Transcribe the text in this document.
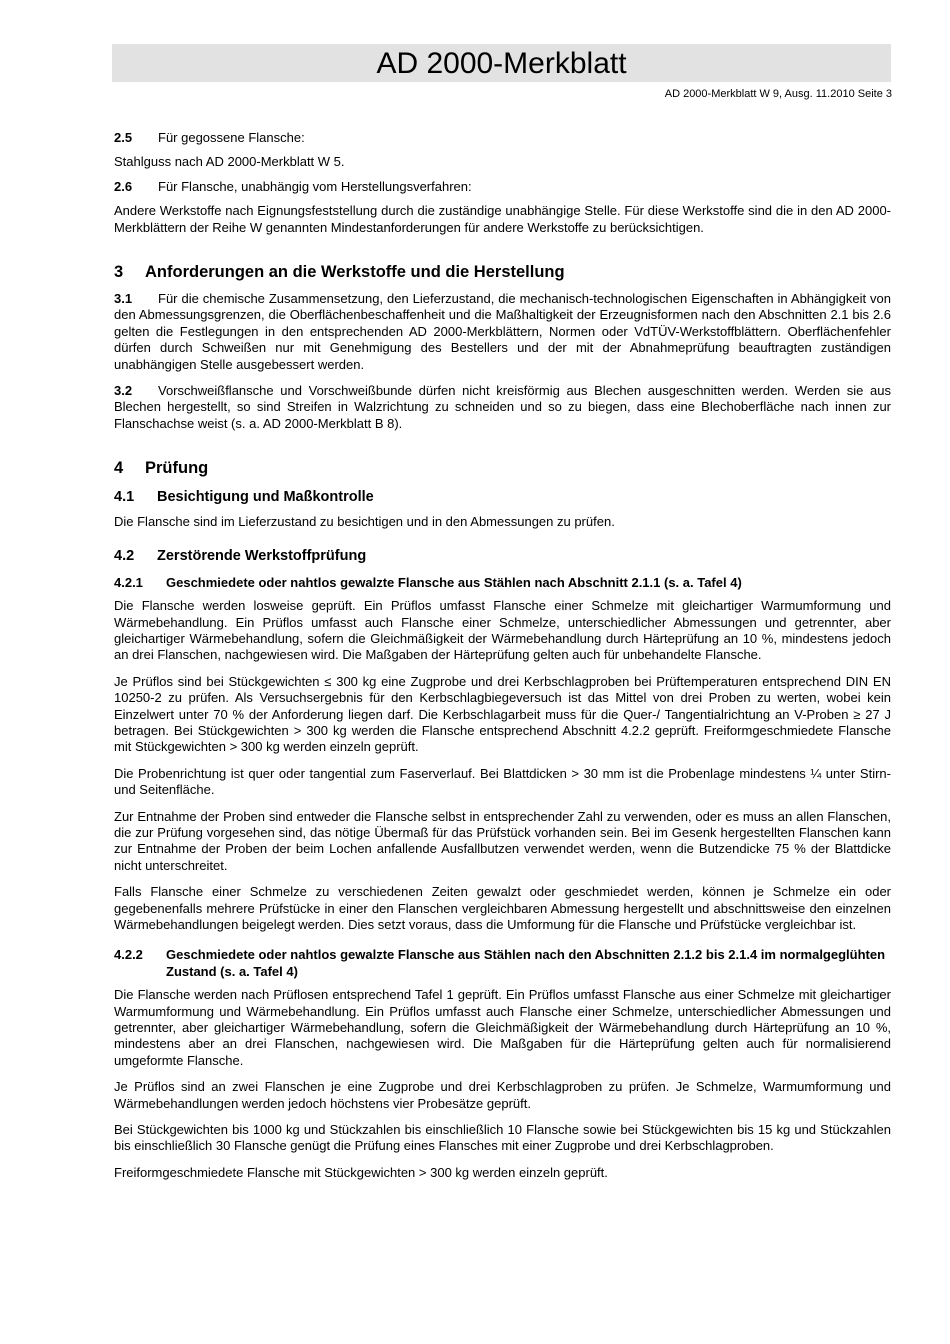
AD 2000-Merkblatt
AD 2000-Merkblatt W 9, Ausg. 11.2010 Seite 3

2.5 Für gegossene Flansche:

Stahlguss nach AD 2000-Merkblatt W 5.

2.6 Für Flansche, unabhängig vom Herstellungsverfahren:

Andere Werkstoffe nach Eignungsfeststellung durch die zuständige unabhängige Stelle. Für diese Werkstoffe sind die in den AD 2000-Merkblättern der Reihe W genannten Mindestanforderungen für andere Werkstoffe zu berücksichtigen.

3 Anforderungen an die Werkstoffe und die Herstellung

3.1 Für die chemische Zusammensetzung, den Lieferzustand, die mechanisch-technologischen Eigenschaften in Abhängigkeit von den Abmessungsgrenzen, die Oberflächenbeschaffenheit und die Maßhaltigkeit der Erzeugnisformen nach den Abschnitten 2.1 bis 2.6 gelten die Festlegungen in den entsprechenden AD 2000-Merkblättern, Normen oder VdTÜV-Werkstoffblättern. Oberflächenfehler dürfen durch Schweißen nur mit Genehmigung des Bestellers und der mit der Abnahmeprüfung beauftragten zuständigen unabhängigen Stelle ausgebessert werden.

3.2 Vorschweißflansche und Vorschweißbunde dürfen nicht kreisförmig aus Blechen ausgeschnitten werden. Werden sie aus Blechen hergestellt, so sind Streifen in Walzrichtung zu schneiden und so zu biegen, dass eine Blechoberfläche nach innen zur Flanschachse weist (s. a. AD 2000-Merkblatt B 8).

4 Prüfung
4.1 Besichtigung und Maßkontrolle

Die Flansche sind im Lieferzustand zu besichtigen und in den Abmessungen zu prüfen.

4.2 Zerstörende Werkstoffprüfung
4.2.1	Geschmiedete oder nahtlos gewalzte Flansche aus Stählen nach Abschnitt 2.1.1 (s. a. Tafel 4)

Die Flansche werden losweise geprüft. Ein Prüflos umfasst Flansche einer Schmelze mit gleichartiger Warmumformung und Wärmebehandlung. Ein Prüflos umfasst auch Flansche einer Schmelze, unterschiedlicher Abmessungen und getrennter, aber gleichartiger Wärmebehandlung, sofern die Gleichmäßigkeit der Wärmebehandlung durch Härteprüfung an 10 %, mindestens jedoch an drei Flanschen, nachgewiesen wird. Die Maßgaben der Härteprüfung gelten auch für unbehandelte Flansche.

Je Prüflos sind bei Stückgewichten ≤ 300 kg eine Zugprobe und drei Kerbschlagproben bei Prüftemperaturen entsprechend DIN EN 10250-2 zu prüfen. Als Versuchsergebnis für den Kerbschlagbiegeversuch ist das Mittel von drei Proben zu werten, wobei kein Einzelwert unter 70 % der Anforderung liegen darf. Die Kerbschlagarbeit muss für die Quer-/ Tangentialrichtung an V-Proben ≥ 27 J betragen. Bei Stückgewichten > 300 kg werden die Flansche entsprechend Abschnitt 4.2.2 geprüft. Freiformgeschmiedete Flansche mit Stückgewichten > 300 kg werden einzeln geprüft.

Die Probenrichtung ist quer oder tangential zum Faserverlauf. Bei Blattdicken > 30 mm ist die Probenlage mindestens ¼ unter Stirn- und Seitenfläche.

Zur Entnahme der Proben sind entweder die Flansche selbst in entsprechender Zahl zu verwenden, oder es muss an allen Flanschen, die zur Prüfung vorgesehen sind, das nötige Übermaß für das Prüfstück vorhanden sein. Bei im Gesenk hergestellten Flanschen kann zur Entnahme der Proben der beim Lochen anfallende Ausfallbutzen verwendet werden, wenn die Butzendicke 75 % der Blattdicke nicht unterschreitet.

Falls Flansche einer Schmelze zu verschiedenen Zeiten gewalzt oder geschmiedet werden, können je Schmelze ein oder gegebenenfalls mehrere Prüfstücke in einer den Flanschen vergleichbaren Abmessung hergestellt und abschnittsweise den einzelnen Wärmebehandlungen beigelegt werden. Dies setzt voraus, dass die Umformung für die Flansche und Prüfstücke vergleichbar ist.

4.2.2	Geschmiedete oder nahtlos gewalzte Flansche aus Stählen nach den Abschnitten 2.1.2 bis 2.1.4 im normalgeglühten Zustand (s. a. Tafel 4)

Die Flansche werden nach Prüflosen entsprechend Tafel 1 geprüft. Ein Prüflos umfasst Flansche aus einer Schmelze mit gleichartiger Warmumformung und Wärmebehandlung. Ein Prüflos umfasst auch Flansche einer Schmelze, unterschiedlicher Abmessungen und getrennter, aber gleichartiger Wärmebehandlung, sofern die Gleichmäßigkeit der Wärmebehandlung durch Härteprüfung an 10 %, mindestens aber an drei Flanschen, nachgewiesen wird. Die Maßgaben für die Härteprüfung gelten auch für normalisierend umgeformte Flansche.

Je Prüflos sind an zwei Flanschen je eine Zugprobe und drei Kerbschlagproben zu prüfen. Je Schmelze, Warmumformung und Wärmebehandlungen werden jedoch höchstens vier Probesätze geprüft.

Bei Stückgewichten bis 1000 kg und Stückzahlen bis einschließlich 10 Flansche sowie bei Stückgewichten bis 15 kg und Stückzahlen bis einschließlich 30 Flansche genügt die Prüfung eines Flansches mit einer Zugprobe und drei Kerbschlagproben.

Freiformgeschmiedete Flansche mit Stückgewichten > 300 kg werden einzeln geprüft.
